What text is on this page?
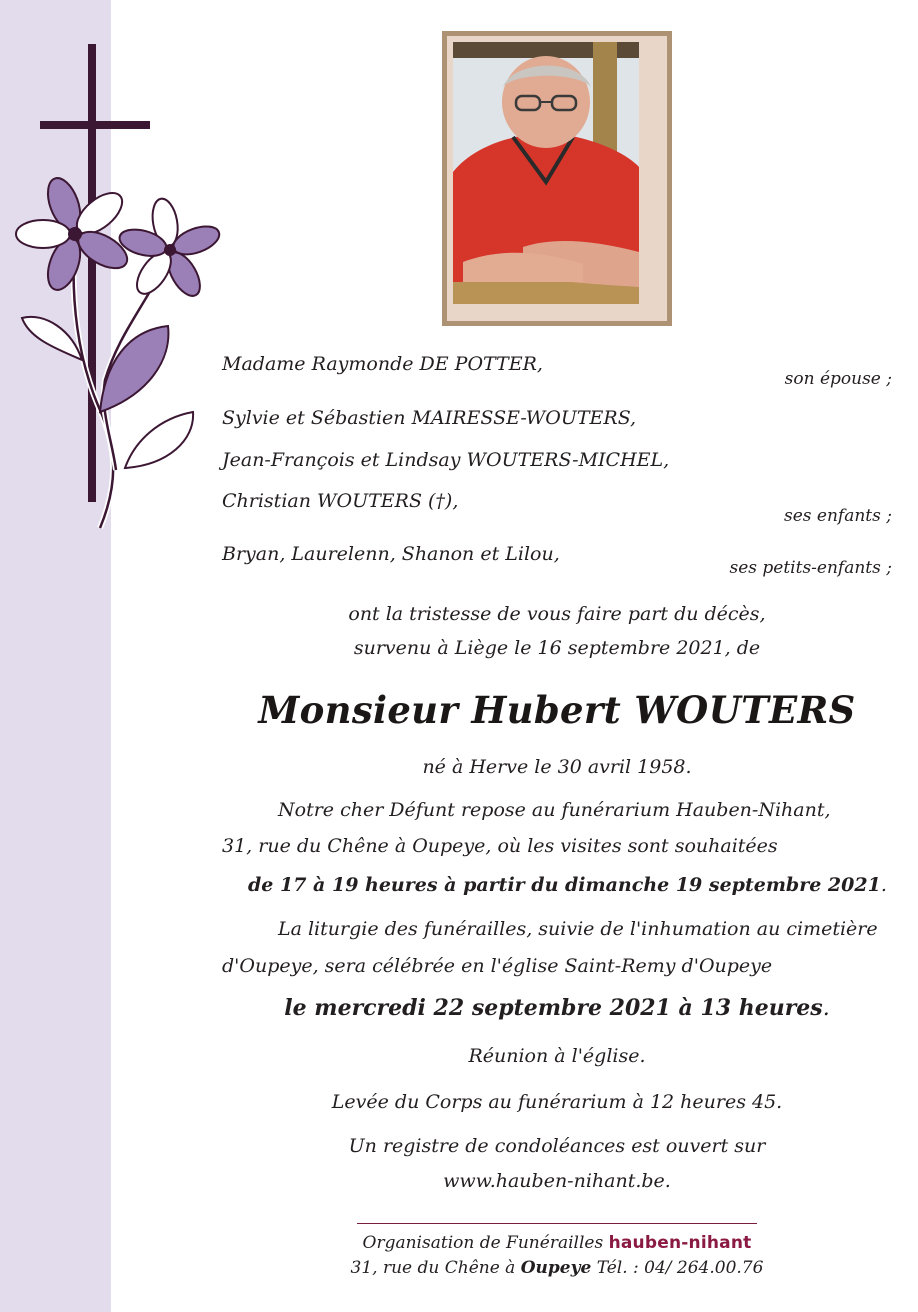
Madame Raymonde DE POTTER,
son épouse ;
Sylvie et Sébastien MAIRESSE-WOUTERS,
Jean-François et Lindsay WOUTERS-MICHEL,
Christian WOUTERS (†),
ses enfants ;
Bryan, Laurelenn, Shanon et Lilou,
ses petits-enfants ;
ont la tristesse de vous faire part du décès,
survenu à Liège le 16 septembre 2021, de
Monsieur Hubert WOUTERS
né à Herve le 30 avril 1958.
Notre cher Défunt repose au funérarium Hauben-Nihant,
31, rue du Chêne à Oupeye, où les visites sont souhaitées
de 17 à 19 heures à partir du dimanche 19 septembre 2021.
La liturgie des funérailles, suivie de l'inhumation au cimetière
d'Oupeye, sera célébrée en l'église Saint-Remy d'Oupeye
le mercredi 22 septembre 2021 à 13 heures.
Réunion à l'église.
Levée du Corps au funérarium à 12 heures 45.
Un registre de condoléances est ouvert sur
www.hauben-nihant.be.
Organisation de Funérailles hauben-nihant
31, rue du Chêne à Oupeye Tél. : 04/ 264.00.76
